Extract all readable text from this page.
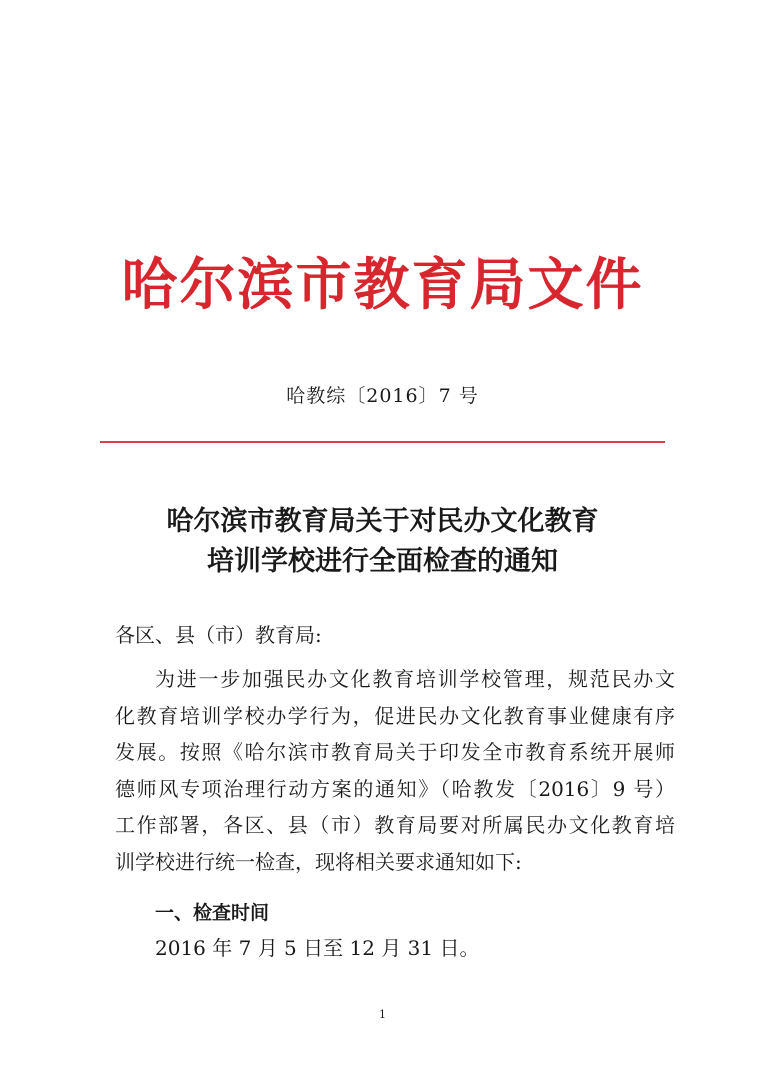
哈尔滨市教育局文件
哈教综〔2016〕7 号
哈尔滨市教育局关于对民办文化教育
培训学校进行全面检查的通知
各区、县（市）教育局:
为进一步加强民办文化教育培训学校管理，规范民办文
化教育培训学校办学行为，促进民办文化教育事业健康有序
发展。按照《哈尔滨市教育局关于印发全市教育系统开展师
德师风专项治理行动方案的通知》（哈教发〔2016〕9 号）
工作部署，各区、县（市）教育局要对所属民办文化教育培
训学校进行统一检查，现将相关要求通知如下:
一、检查时间
2016 年 7 月 5 日至 12 月 31 日。
1
